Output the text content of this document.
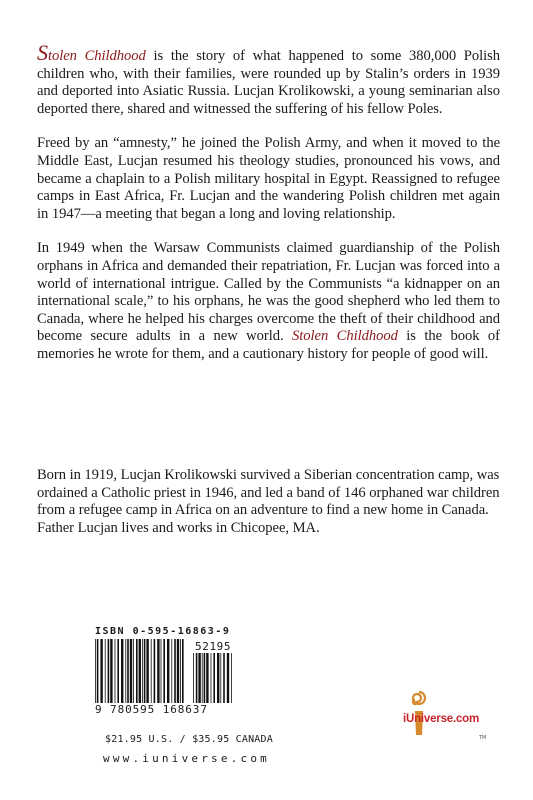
Stolen Childhood is the story of what happened to some 380,000 Polish children who, with their families, were rounded up by Stalin’s orders in 1939 and deported into Asiatic Russia. Lucjan Krolikowski, a young seminarian also deported there, shared and witnessed the suffering of his fellow Poles.

Freed by an “amnesty,” he joined the Polish Army, and when it moved to the Middle East, Lucjan resumed his theology studies, pronounced his vows, and became a chaplain to a Polish military hospital in Egypt. Reassigned to refugee camps in East Africa, Fr. Lucjan and the wandering Polish children met again in 1947—a meeting that began a long and loving relationship.

In 1949 when the Warsaw Communists claimed guardianship of the Polish orphans in Africa and demanded their repatriation, Fr. Lucjan was forced into a world of international intrigue. Called by the Communists “a kidnapper on an international scale,” to his orphans, he was the good shepherd who led them to Canada, where he helped his charges overcome the theft of their childhood and become secure adults in a new world. Stolen Childhood is the book of memories he wrote for them, and a cautionary history for people of good will.

Born in 1919, Lucjan Krolikowski survived a Siberian concentration camp, was ordained a Catholic priest in 1946, and led a band of 146 orphaned war children from a refugee camp in Africa on an adventure to find a new home in Canada. Father Lucjan lives and works in Chicopee, MA.

ISBN 0-595-16863-9
9 780595 168637
52195
TM
iUniverse.com
$21.95 U.S. / $35.95 CANADA
www.iuniverse.com
